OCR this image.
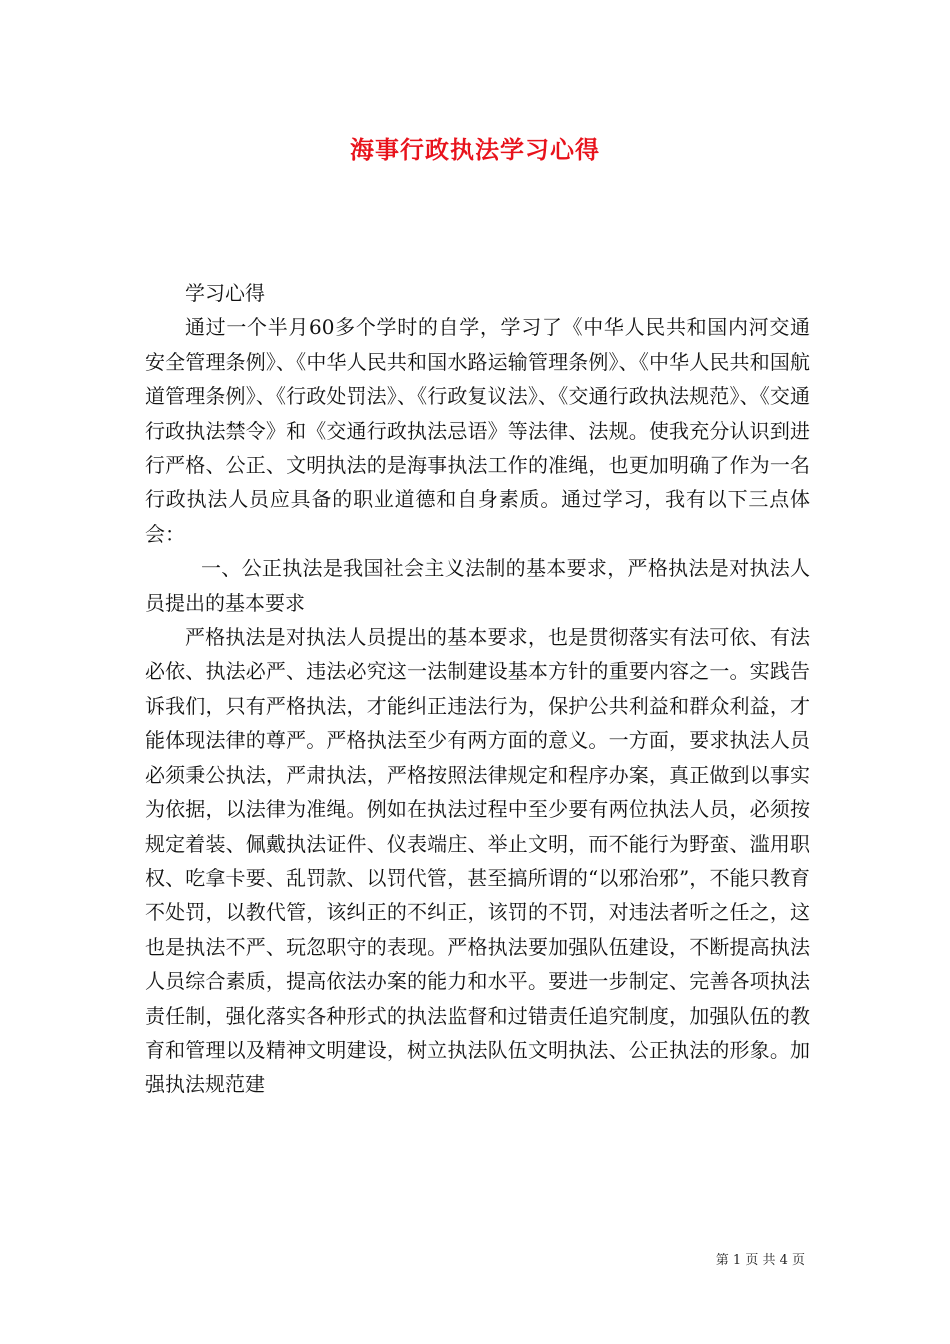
海事行政执法学习心得

学习心得

通过一个半月60多个学时的自学，学习了《中华人民共和国内河交通安全管理条例》、《中华人民共和国水路运输管理条例》、《中华人民共和国航道管理条例》、《行政处罚法》、《行政复议法》、《交通行政执法规范》、《交通行政执法禁令》和《交通行政执法忌语》等法律、法规。使我充分认识到进行严格、公正、文明执法的是海事执法工作的准绳，也更加明确了作为一名行政执法人员应具备的职业道德和自身素质。通过学习，我有以下三点体会：

一、公正执法是我国社会主义法制的基本要求，严格执法是对执法人员提出的基本要求

严格执法是对执法人员提出的基本要求，也是贯彻落实有法可依、有法必依、执法必严、违法必究这一法制建设基本方针的重要内容之一。实践告诉我们，只有严格执法，才能纠正违法行为，保护公共利益和群众利益，才能体现法律的尊严。严格执法至少有两方面的意义。一方面，要求执法人员必须秉公执法，严肃执法，严格按照法律规定和程序办案，真正做到以事实为依据，以法律为准绳。例如在执法过程中至少要有两位执法人员，必须按规定着装、佩戴执法证件、仪表端庄、举止文明，而不能行为野蛮、滥用职权、吃拿卡要、乱罚款、以罚代管，甚至搞所谓的“以邪治邪”，不能只教育不处罚，以教代管，该纠正的不纠正，该罚的不罚，对违法者听之任之，这也是执法不严、玩忽职守的表现。严格执法要加强队伍建设，不断提高执法人员综合素质，提高依法办案的能力和水平。要进一步制定、完善各项执法责任制，强化落实各种形式的执法监督和过错责任追究制度，加强队伍的教育和管理以及精神文明建设，树立执法队伍文明执法、公正执法的形象。加强执法规范建

第 1 页 共 4 页
